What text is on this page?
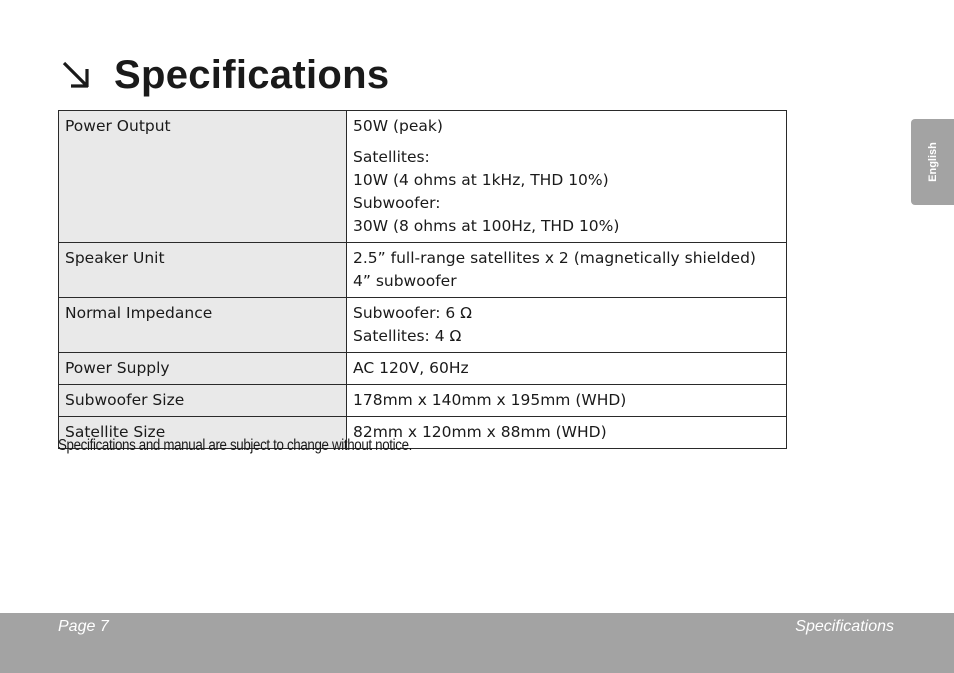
Specifications
English
Power Output	50W (peak)
Satellites:
10W (4 ohms at 1kHz, THD 10%)
Subwoofer:
30W (8 ohms at 100Hz, THD 10%)

Speaker Unit	2.5” full-range satellites x 2 (magnetically shielded)
4” subwoofer

Normal Impedance	Subwoofer: 6 Ω
Satellites: 4 Ω

Power Supply	AC 120V, 60Hz

Subwoofer Size	178mm x 140mm x 195mm (WHD)

Satellite Size	82mm x 120mm x 88mm (WHD)
Specifications and manual are subject to change without notice.
Page 7	Specifications
